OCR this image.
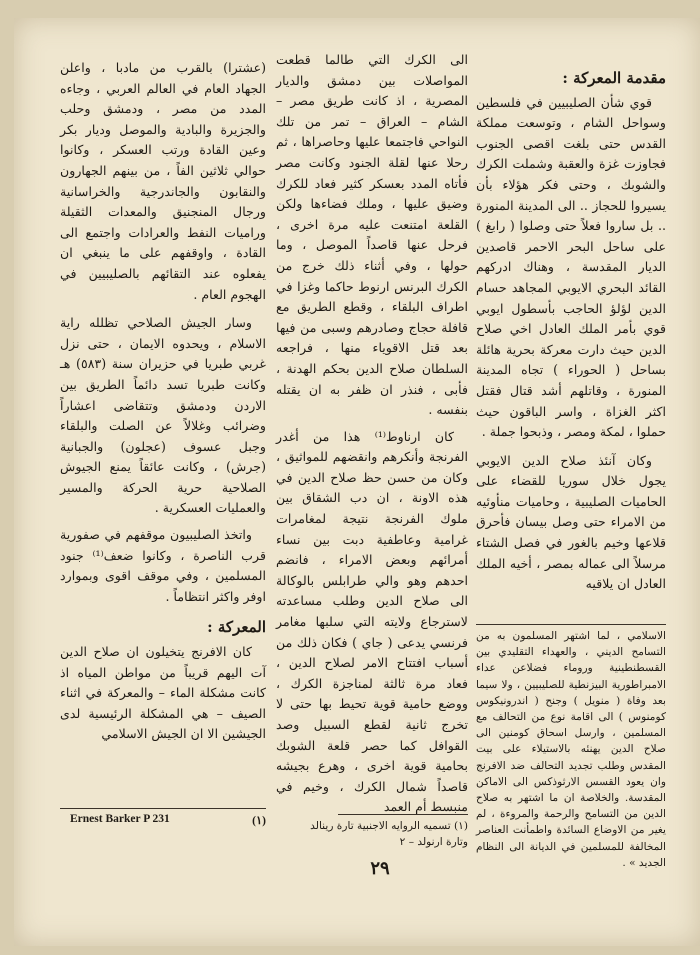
مقدمة المعركة :

قوي شأن الصليبيين في فلسطين وسواحل الشام ، وتوسعت مملكة القدس حتى بلغت اقصى الجنوب فجاوزت غزة والعقبة وشملت الكرك والشوبك ، وحتى فكر هؤلاء بأن يسيروا للحجاز .. الى المدينة المنورة .. بل ساروا فعلاً حتى وصلوا ( رابغ ) على ساحل البحر الاحمر قاصدين الديار المقدسة ، وهناك ادركهم القائد البحري الايوبي المجاهد حسام الدين لؤلؤ الحاجب بأسطول ايوبي قوي بأمر الملك العادل اخي صلاح الدين حيث دارت معركة بحرية هائلة بساحل ( الحوراء ) تجاه المدينة المنورة ، وقاتلهم أشد قتال فقتل اكثر الغزاة ، واسر الباقون حيث حملوا ، لمكة ومصر ، وذبحوا جملة .

وكان آنئذ صلاح الدين الايوبي يجول خلال سوريا للقضاء على الحاميات الصليبية ، وحاميات منأوئيه من الامراء حتى وصل بيسان فأحرق قلاعها وخيم بالغور في فصل الشتاء مرسلاً الى عماله بمصر ، أخيه الملك العادل ان يلاقيه

الاسلامي ، لما اشتهر المسلمون به من التسامح الديني ، والعهداء التقليدي بين القسطنطينية وروماء فضلاعن عداء الامبراطورية البيزنطية للصليبيين ، ولا سيما بعد وفاة ( منويل ) وجنح ( اندرونيكوس كومنوس ) الى اقامة نوع من التحالف مع المسلمين ، وارسل اسحاق كومنين الى صلاح الدين يهنئه بالاستيلاء على بيت المقدس وطلب تجديد التحالف ضد الافرنج وان يعود القسس الارثوذكس الى الاماكن المقدسة. والخلاصة ان ما اشتهر به صلاح الدين من التسامح والرحمة والمروءة ، لم يغير من الاوضاع السائدة واطمأنت العناصر المخالفة للمسلمين في الديانة الى النظام الجديد » .

الى الكرك التي طالما قطعت المواصلات بين دمشق والديار المصرية ، اذ كانت طريق مصر – الشام – العراق – تمر من تلك النواحي فاجتمعا عليها وحاصراها ، ثم رحلا عنها لقلة الجنود وكانت مصر فأتاه المدد بعسكر كثير فعاد للكرك وضيق عليها ، وملك فضاءها ولكن القلعة امتنعت عليه مرة اخرى ، فرحل عنها قاصداً الموصل ، وما حولها ، وفي أثناء ذلك خرج من الكرك البرنس ارنوط حاكما وغزا في اطراف البلقاء ، وقطع الطريق مع قافلة حجاج وصادرهم وسبى من فيها بعد قتل الاقوياء منها ، فراجعه السلطان صلاح الدين بحكم الهدنة ، فأبى ، فنذر ان ظفر به ان يقتله بنفسه .

كان ارناوط⁽¹⁾ هذا من أغدر الفرنجة وأنكرهم وانقضهم للمواثيق ، وكان من حسن حظ صلاح الدين في هذه الاونة ، ان دب الشقاق بين ملوك الفرنجة نتيجة لمغامرات غرامية وعاطفية دبت بين نساء أمرائهم وبعض الامراء ، فانضم احدهم وهو والي طرابلس بالوكالة الى صلاح الدين وطلب مساعدته لاسترجاع ولايته التي سلبها مغامر فرنسي يدعى ( جاي ) فكان ذلك من أسباب افتتاح الامر لصلاح الدين ، فعاد مرة ثالثة لمناجزة الكرك ، ووضع حامية قوية تحيط بها حتى لا تخرج ثانية لقطع السبيل وصد القوافل كما حصر قلعة الشوبك بحامية قوية اخرى ، وهرع بجيشه قاصداً شمال الكرك ، وخيم في منبسط أم العمد

(١) تسميه الروايه الاجنبية تارة رينالد
وتارة ارنولد – ٢

(عشترا) بالقرب من مادبا ، واعلن الجهاد العام في العالم العربي ، وجاءه المدد من مصر ، ودمشق وحلب والجزيرة والبادية والموصل وديار بكر وعين القادة ورتب العسكر ، وكانوا حوالي ثلاثين الفاً ، من بينهم الجهارون والنقابون والجاندرجية والخراسانية ورجال المنجنيق والمعدات الثقيلة ورامیات النفط والعرادات واجتمع الى القادة ، واوقفهم على ما ينبغي ان يفعلوه عند التقائهم بالصليبيين في الهجوم العام .

وسار الجيش الصلاحي تظلله راية الاسلام ، ويحدوه الايمان ، حتى نزل غربي طبريا في حزيران سنة (٥٨٣) هـ وكانت طبريا تسد دائماً الطريق بين الاردن ودمشق وتتقاضى اعشاراً وضرائب وغلالاً عن الصلت والبلقاء وجبل عسوف (عجلون) والجبانية (جرش) ، وكانت عائقاً يمنع الجيوش الصلاحية حرية الحركة والمسير والعمليات العسكرية .

واتخذ الصليبيون موقفهم في صفورية قرب الناصرة ، وكانوا ضعف⁽¹⁾ جنود المسلمين ، وفي موقف اقوى وبموارد اوفر واكثر انتظاماً .

المعركة :

كان الافرنج يتخيلون ان صلاح الدين آت اليهم قريباً من مواطن المياه اذ كانت مشكلة الماء – والمعركة في اثناء الصيف – هي المشكلة الرئيسية لدى الجيشين الا ان الجيش الاسلامي

Ernest Barker P 231	(١)
٢٩
